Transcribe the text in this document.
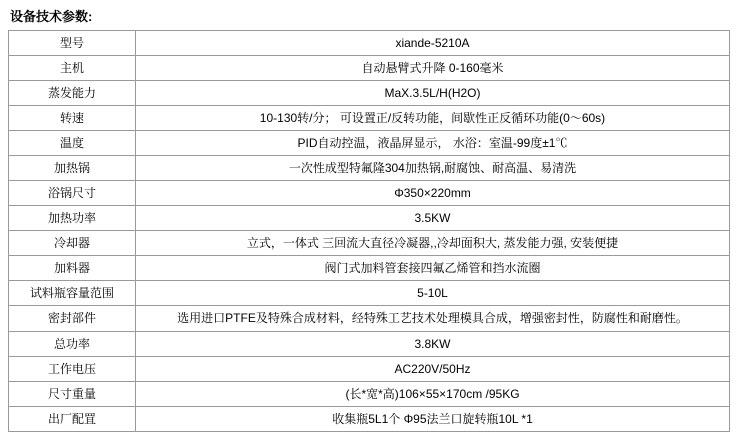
设备技术参数:
型号	xiande-5210A
主机	自动悬臂式升降 0-160毫米
蒸发能力	MaX.3.5L/H(H2O)
转速	10-130转/分； 可设置正/反转功能，间歇性正反循环功能(0～60s)
温度	PID自动控温，液晶屏显示， 水浴：室温-99度±1℃
加热锅	一次性成型特氟隆304加热锅,耐腐蚀、耐高温、易清洗
浴锅尺寸	Φ350×220mm
加热功率	3.5KW
冷却器	立式，一体式 三回流大直径冷凝器,,冷却面积大, 蒸发能力强, 安装便捷
加料器	阀门式加料管套接四氟乙烯管和挡水流圈
试料瓶容量范围	5-10L
密封部件	选用进口PTFE及特殊合成材料，经特殊工艺技术处理模具合成，增强密封性，防腐性和耐磨性。
总功率	3.8KW
工作电压	AC220V/50Hz
尺寸重量	(长*宽*高)106×55×170cm /95KG
出厂配罝	收集瓶5L1个 Φ95法兰口旋转瓶10L *1
